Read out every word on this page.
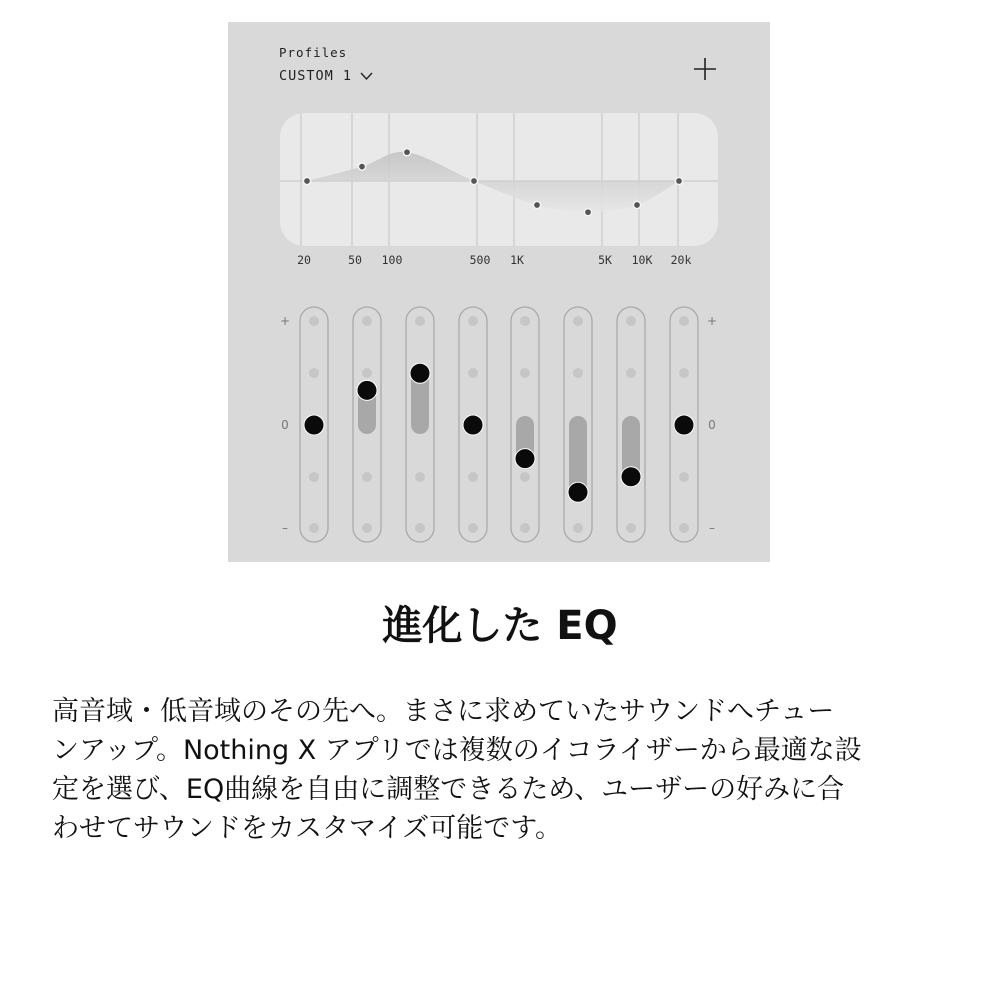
Profiles
CUSTOM 1
20	50 100	500 1K	5K 10K 20k
+
0
–
+
0
–
進化した EQ
高音域・低音域のその先へ。まさに求めていたサウンドへチュー
ンアップ。Nothing X アプリでは複数のイコライザーから最適な設
定を選び、EQ曲線を自由に調整できるため、ユーザーの好みに合
わせてサウンドをカスタマイズ可能です。
